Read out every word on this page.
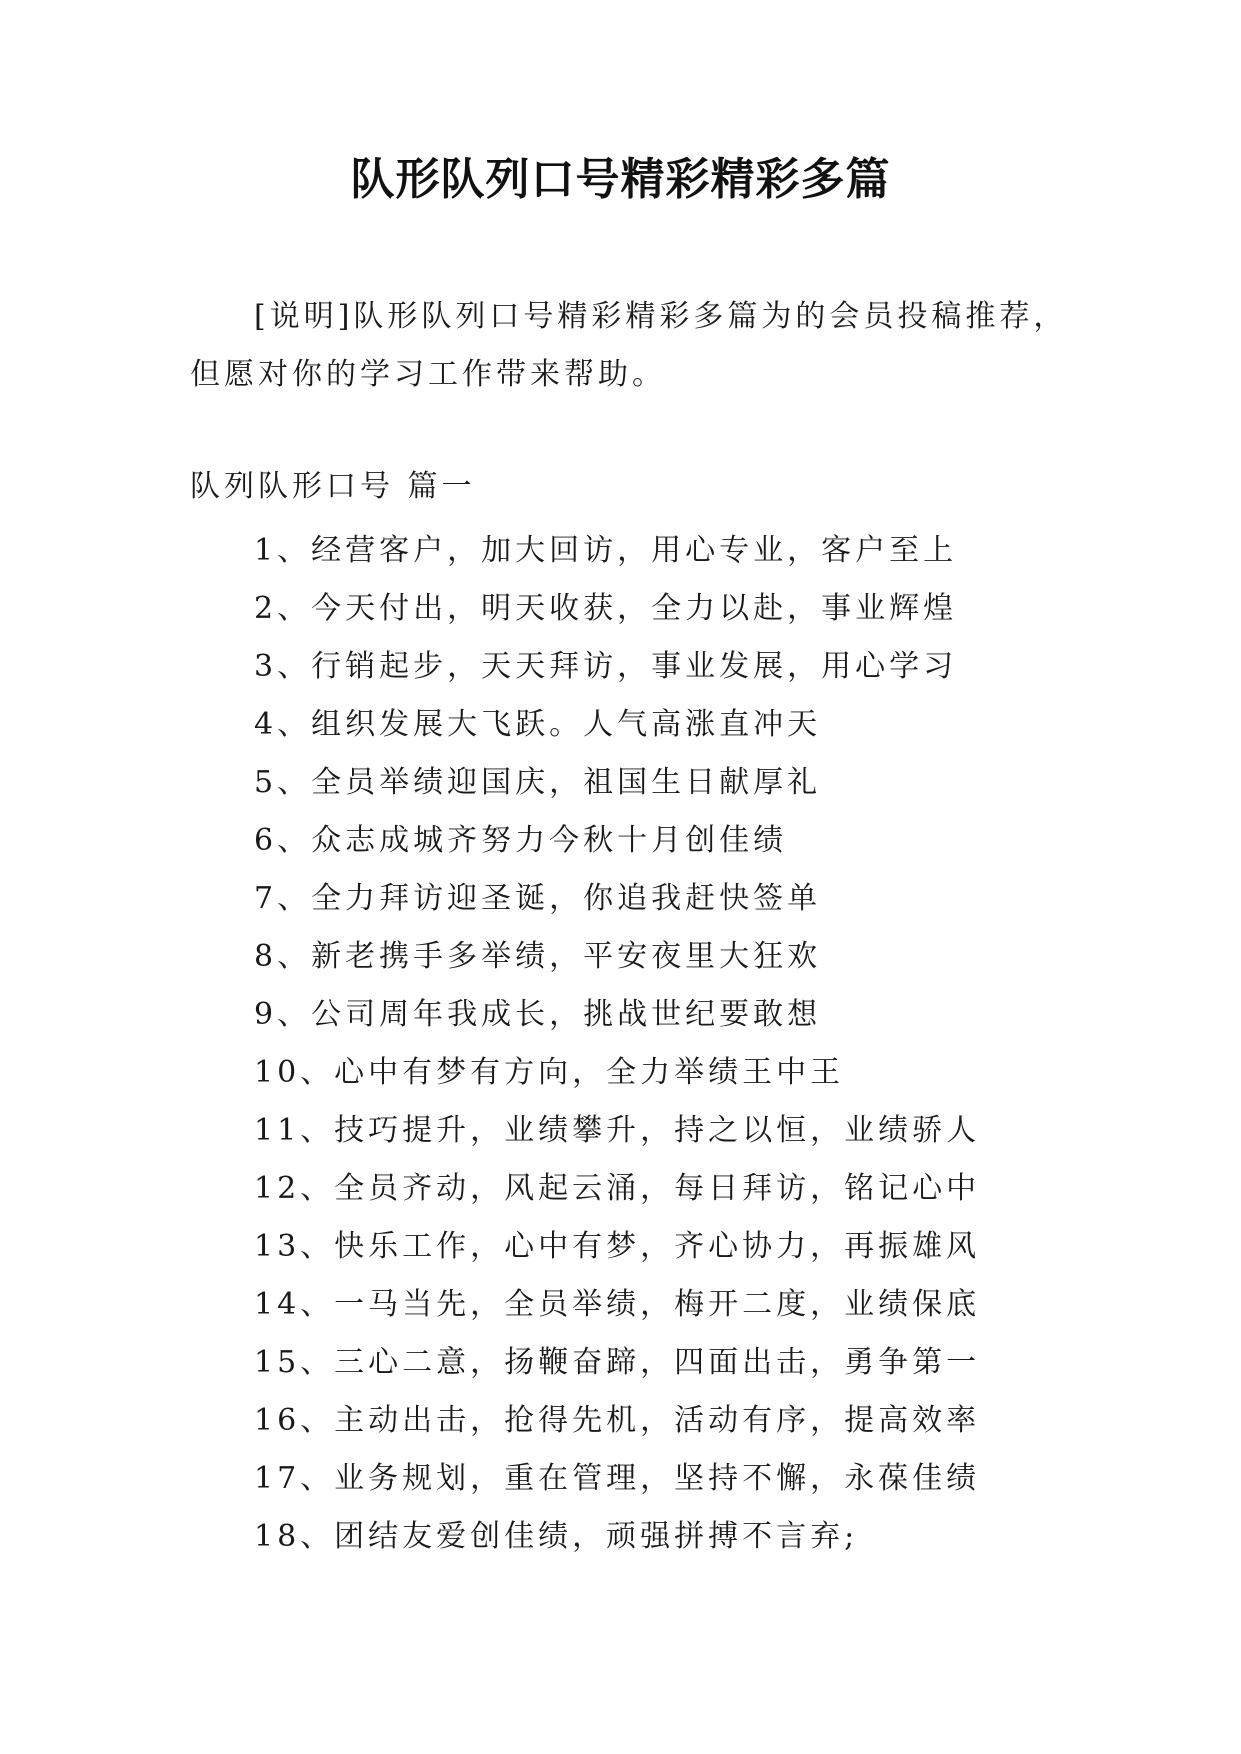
队形队列口号精彩精彩多篇

[说明]队形队列口号精彩精彩多篇为的会员投稿推荐，但愿对你的学习工作带来帮助。

队列队形口号 篇一
1、经营客户，加大回访，用心专业，客户至上
2、今天付出，明天收获，全力以赴，事业辉煌
3、行销起步，天天拜访，事业发展，用心学习
4、组织发展大飞跃。人气高涨直冲天
5、全员举绩迎国庆，祖国生日献厚礼
6、众志成城齐努力今秋十月创佳绩
7、全力拜访迎圣诞，你追我赶快签单
8、新老携手多举绩，平安夜里大狂欢
9、公司周年我成长，挑战世纪要敢想
10、心中有梦有方向，全力举绩王中王
11、技巧提升，业绩攀升，持之以恒，业绩骄人
12、全员齐动，风起云涌，每日拜访，铭记心中
13、快乐工作，心中有梦，齐心协力，再振雄风
14、一马当先，全员举绩，梅开二度，业绩保底
15、三心二意，扬鞭奋蹄，四面出击，勇争第一
16、主动出击，抢得先机，活动有序，提高效率
17、业务规划，重在管理，坚持不懈，永葆佳绩
18、团结友爱创佳绩，顽强拼搏不言弃;
